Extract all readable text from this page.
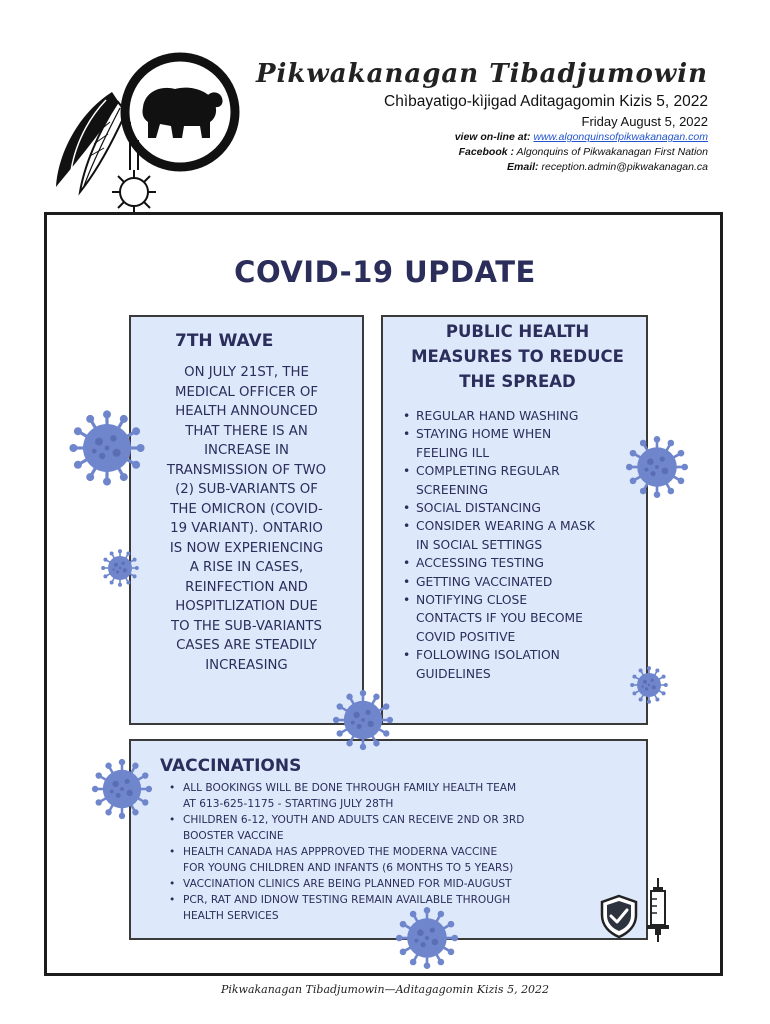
Pikwakanagan Tibadjumowin
Chìbayatigo-kìjigad Aditagagomin Kizis 5, 2022
Friday August 5, 2022
view on-line at: www.algonquinsofpikwakanagan.com
Facebook : Algonquins of Pikwakanagan First Nation
Email: reception.admin@pikwakanagan.ca
COVID-19 UPDATE
7TH WAVE
ON JULY 21ST, THE
MEDICAL OFFICER OF
HEALTH ANNOUNCED
THAT THERE IS AN
INCREASE IN
TRANSMISSION OF TWO
(2) SUB-VARIANTS OF
THE OMICRON (COVID-
19 VARIANT). ONTARIO
IS NOW EXPERIENCING
A RISE IN CASES,
REINFECTION AND
HOSPITLIZATION DUE
TO THE SUB-VARIANTS
CASES ARE STEADILY
INCREASING
PUBLIC HEALTH
MEASURES TO REDUCE
THE SPREAD
• REGULAR HAND WASHING
• STAYING HOME WHEN
FEELING ILL
• COMPLETING REGULAR
SCREENING
• SOCIAL DISTANCING
• CONSIDER WEARING A MASK
IN SOCIAL SETTINGS
• ACCESSING TESTING
• GETTING VACCINATED
• NOTIFYING CLOSE
CONTACTS IF YOU BECOME
COVID POSITIVE
• FOLLOWING ISOLATION
GUIDELINES
VACCINATIONS
• ALL BOOKINGS WILL BE DONE THROUGH FAMILY HEALTH TEAM
AT 613-625-1175 - STARTING JULY 28TH
• CHILDREN 6-12, YOUTH AND ADULTS CAN RECEIVE 2ND OR 3RD
BOOSTER VACCINE
• HEALTH CANADA HAS APPPROVED THE MODERNA VACCINE
FOR YOUNG CHILDREN AND INFANTS (6 MONTHS TO 5 YEARS)
• VACCINATION CLINICS ARE BEING PLANNED FOR MID-AUGUST
• PCR, RAT AND IDNOW TESTING REMAIN AVAILABLE THROUGH
HEALTH SERVICES
Pikwakanagan Tibadjumowin—Aditagagomin Kizis 5, 2022
